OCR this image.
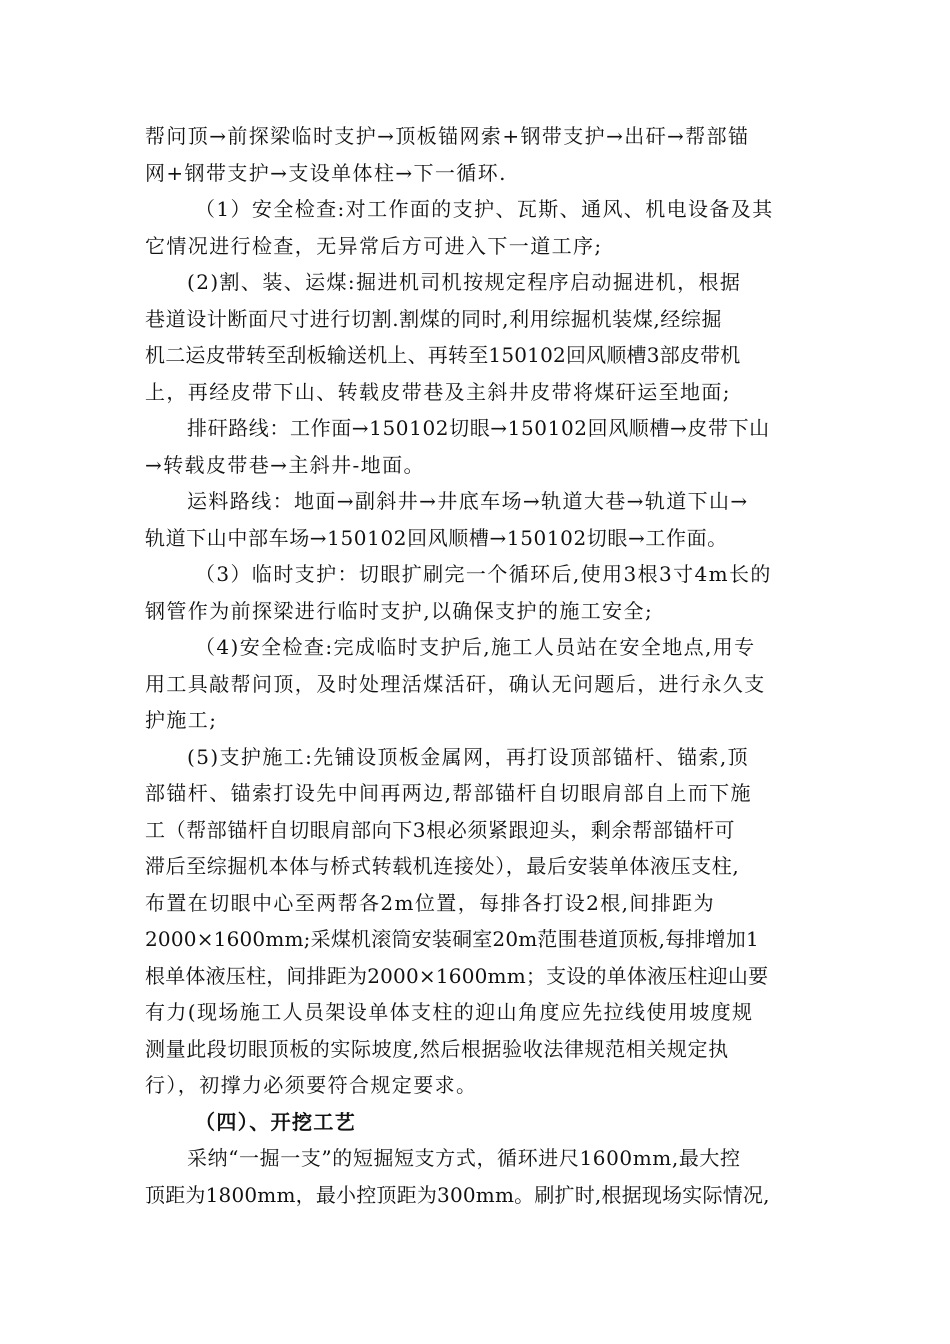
帮问顶→前探梁临时支护→顶板锚网索+钢带支护→出矸→帮部锚
网+钢带支护→支设单体柱→下一循环.
（1）安全检查:对工作面的支护、瓦斯、通风、机电设备及其
它情况进行检查，无异常后方可进入下一道工序;
(2)割、装、运煤:掘进机司机按规定程序启动掘进机，根据
巷道设计断面尺寸进行切割.割煤的同时,利用综掘机装煤,经综掘
机二运皮带转至刮板输送机上、再转至150102回风顺槽3部皮带机
上，再经皮带下山、转载皮带巷及主斜井皮带将煤矸运至地面;
排矸路线：工作面→150102切眼→150102回风顺槽→皮带下山
→转载皮带巷→主斜井-地面。
运料路线：地面→副斜井→井底车场→轨道大巷→轨道下山→
轨道下山中部车场→150102回风顺槽→150102切眼→工作面。
（3）临时支护：切眼扩刷完一个循环后,使用3根3寸4m长的
钢管作为前探梁进行临时支护,以确保支护的施工安全;
（4)安全检查:完成临时支护后,施工人员站在安全地点,用专
用工具敲帮问顶，及时处理活煤活矸，确认无问题后，进行永久支
护施工;
(5)支护施工:先铺设顶板金属网，再打设顶部锚杆、锚索,顶
部锚杆、锚索打设先中间再两边,帮部锚杆自切眼肩部自上而下施
工（帮部锚杆自切眼肩部向下3根必须紧跟迎头，剩余帮部锚杆可
滞后至综掘机本体与桥式转载机连接处），最后安装单体液压支柱,
布置在切眼中心至两帮各2m位置，每排各打设2根,间排距为
2000×1600mm;采煤机滚筒安装硐室20m范围巷道顶板,每排增加1
根单体液压柱，间排距为2000×1600mm；支设的单体液压柱迎山要
有力(现场施工人员架设单体支柱的迎山角度应先拉线使用坡度规
测量此段切眼顶板的实际坡度,然后根据验收法律规范相关规定执
行），初撑力必须要符合规定要求。
（四）、开挖工艺
采纳“一掘一支”的短掘短支方式，循环进尺1600mm,最大控
顶距为1800mm，最小控顶距为300mm。刷扩时,根据现场实际情况,
